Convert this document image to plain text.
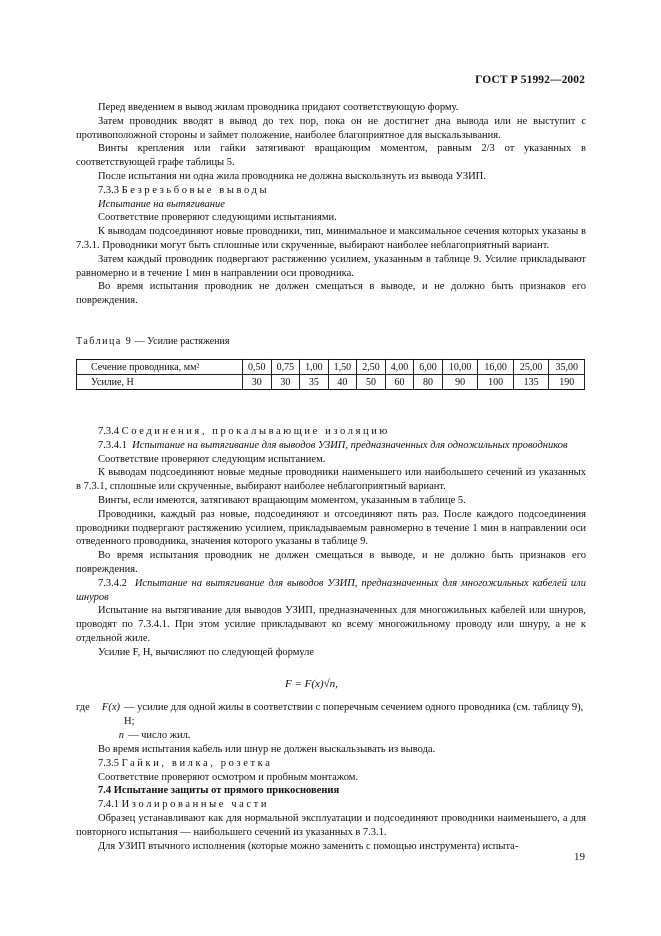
ГОСТ Р 51992—2002

Перед введением в вывод жилам проводника придают соответствующую форму.

Затем проводник вводят в вывод до тех пор, пока он не достигнет дна вывода или не выступит с противоположной стороны и займет положение, наиболее благоприятное для выскальзывания.

Винты крепления или гайки затягивают вращающим моментом, равным 2/3 от указанных в соответствующей графе таблицы 5.

После испытания ни одна жила проводника не должна выскользнуть из вывода УЗИП.

7.3.3 Безрезьбовые выводы

Испытание на вытягивание

Соответствие проверяют следующими испытаниями.

К выводам подсоединяют новые проводники, тип, минимальное и максимальное сечения которых указаны в 7.3.1. Проводники могут быть сплошные или скрученные, выбирают наиболее неблагоприятный вариант.

Затем каждый проводник подвергают растяжению усилием, указанным в таблице 9. Усилие прикладывают равномерно и в течение 1 мин в направлении оси проводника.

Во время испытания проводник не должен смещаться в выводе, и не должно быть признаков его повреждения.

Таблица 9 — Усилие растяжения
Сечение проводника, мм²	0,50	0,75	1,00	1,50	2,50	4,00	6,00	10,00	16,00	25,00	35,00
Усилие, Н	30	30	35	40	50	60	80	90	100	135	190

7.3.4 Соединения, прокалывающие изоляцию

7.3.4.1 Испытание на вытягивание для выводов УЗИП, предназначенных для одножильных проводников

Соответствие проверяют следующим испытанием.

К выводам подсоединяют новые медные проводники наименьшего или наибольшего сечений из указанных в 7.3.1, сплошные или скрученные, выбирают наиболее неблагоприятный вариант.

Винты, если имеются, затягивают вращающим моментом, указанным в таблице 5.

Проводники, каждый раз новые, подсоединяют и отсоединяют пять раз. После каждого подсоединения проводники подвергают растяжению усилием, прикладываемым равномерно в течение 1 мин в направлении оси отведенного проводника, значения которого указаны в таблице 9.

Во время испытания проводник не должен смещаться в выводе, и не должно быть признаков его повреждения.

7.3.4.2 Испытание на вытягивание для выводов УЗИП, предназначенных для многожильных кабелей или шнуров

Испытание на вытягивание для выводов УЗИП, предназначенных для многожильных кабелей или шнуров, проводят по 7.3.4.1. При этом усилие прикладывают ко всему многожильному проводу или шнуру, а не к отдельной жиле.

Усилие F, Н, вычисляют по следующей формуле

F = F(x)√n,
где	F(x) — усилие для одной жилы в соответствии с поперечным сечением одного проводника (см. таблицу 9), Н;
n — число жил.

Во время испытания кабель или шнур не должен выскальзывать из вывода.

7.3.5 Гайки, вилка, розетка

Соответствие проверяют осмотром и пробным монтажом.

7.4 Испытание защиты от прямого прикосновения

7.4.1 Изолированные части

Образец устанавливают как для нормальной эксплуатации и подсоединяют проводники наименьшего, а для повторного испытания — наибольшего сечений из указанных в 7.3.1.

Для УЗИП втычного исполнения (которые можно заменить с помощью инструмента) испыта-

19
